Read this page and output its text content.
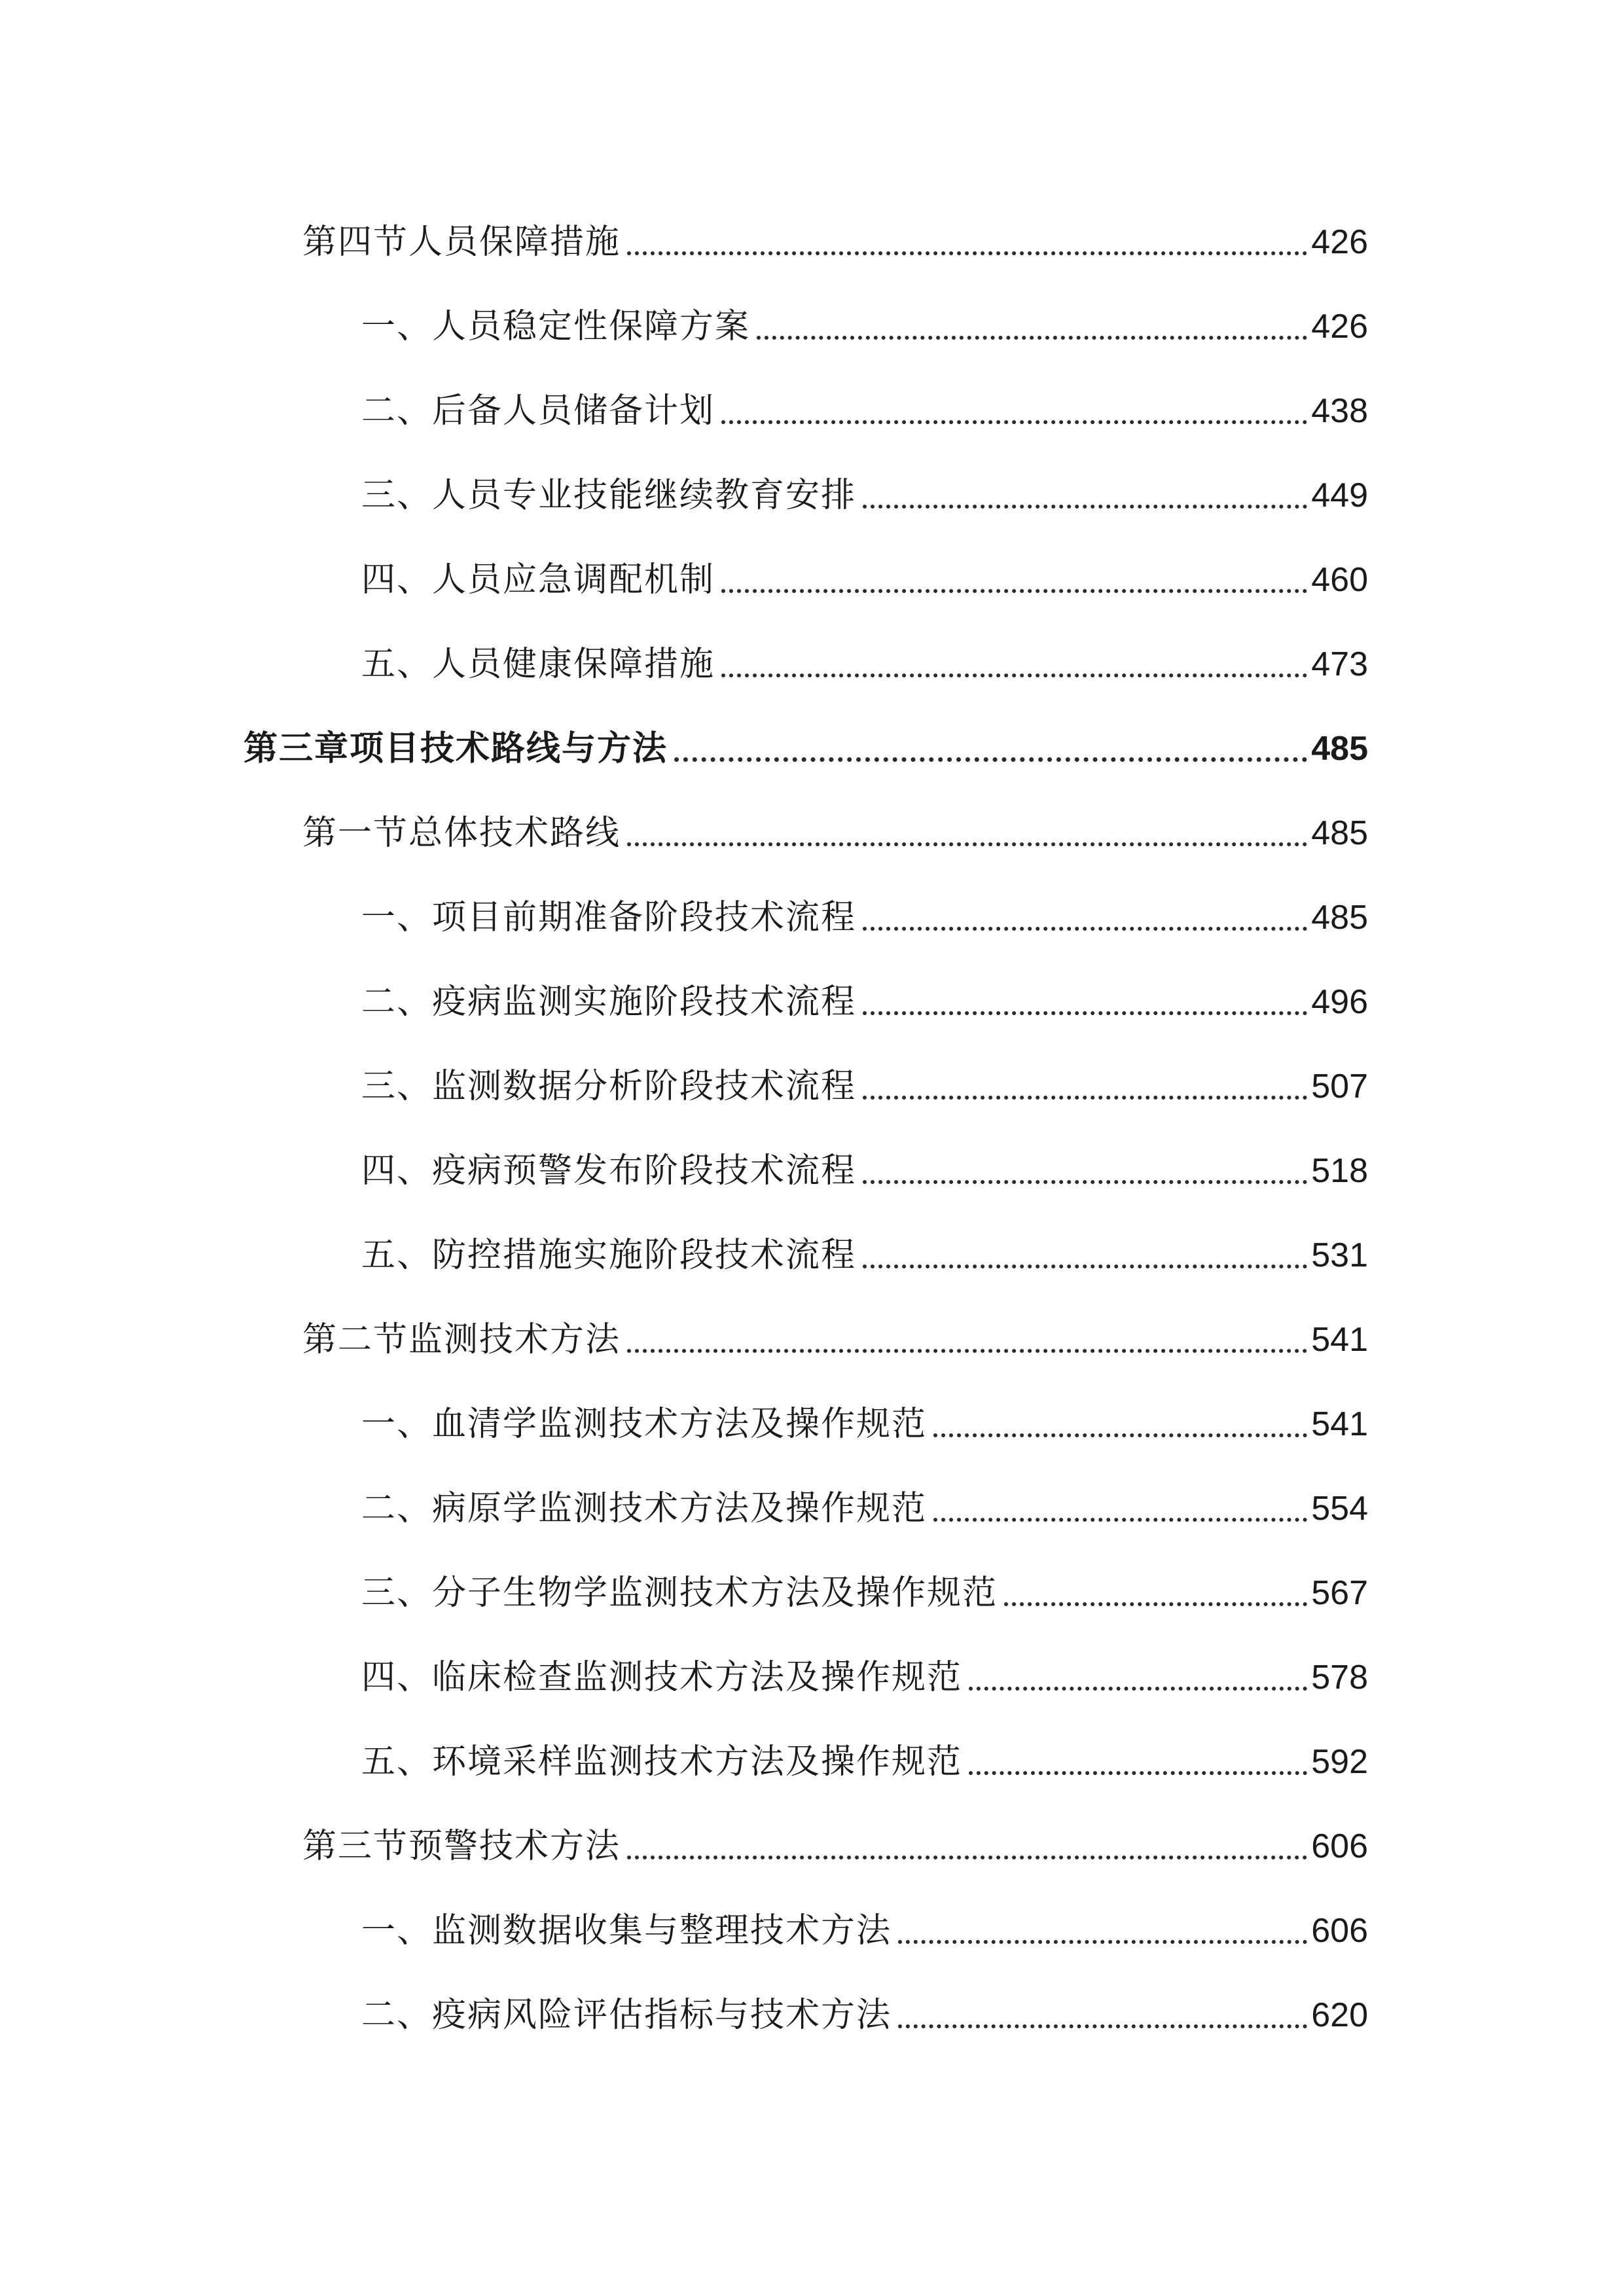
第四节人员保障措施	426
一、人员稳定性保障方案	426
二、后备人员储备计划	438
三、人员专业技能继续教育安排	449
四、人员应急调配机制	460
五、人员健康保障措施	473
第三章项目技术路线与方法	485
第一节总体技术路线	485
一、项目前期准备阶段技术流程	485
二、疫病监测实施阶段技术流程	496
三、监测数据分析阶段技术流程	507
四、疫病预警发布阶段技术流程	518
五、防控措施实施阶段技术流程	531
第二节监测技术方法	541
一、血清学监测技术方法及操作规范	541
二、病原学监测技术方法及操作规范	554
三、分子生物学监测技术方法及操作规范	567
四、临床检查监测技术方法及操作规范	578
五、环境采样监测技术方法及操作规范	592
第三节预警技术方法	606
一、监测数据收集与整理技术方法	606
二、疫病风险评估指标与技术方法	620
